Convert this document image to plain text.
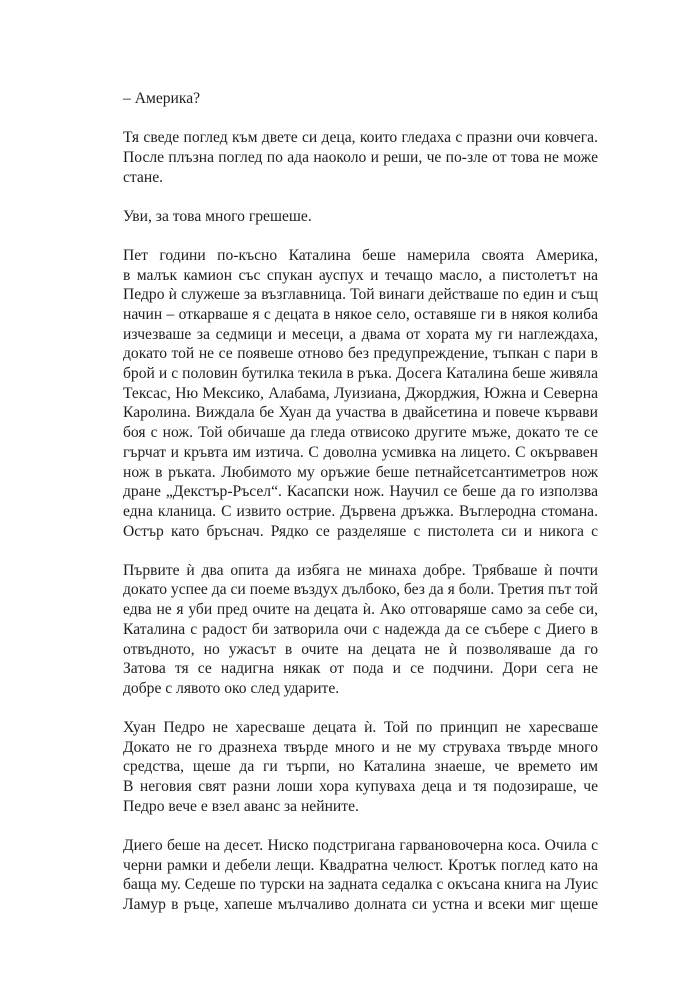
– Америка?
Тя сведе поглед към двете си деца, които гледаха с празни очи ковчега.
После плъзна поглед по ада наоколо и реши, че по-зле от това не може
стане.
Уви, за това много грешеше.
Пет години по-късно Каталина беше намерила своята Америка,
в малък камион със спукан ауспух и течащо масло, а пистолетът на
Педро ѝ служеше за възглавница. Той винаги действаше по един и същ
начин – откарваше я с децата в някое село, оставяше ги в някоя колиба
изчезваше за седмици и месеци, а двама от хората му ги наглеждаха,
докато той не се появеше отново без предупреждение, тъпкан с пари в
брой и с половин бутилка текила в ръка. Досега Каталина беше живяла
Тексас, Ню Мексико, Алабама, Луизиана, Джорджия, Южна и Северна
Каролина. Виждала бе Хуан да участва в двайсетина и повече кървави
боя с нож. Той обичаше да гледа отвисоко другите мъже, докато те се
гърчат и кръвта им изтича. С доволна усмивка на лицето. С окървавен
нож в ръката. Любимото му оръжие беше петнайсетсантиметров нож
дране „Декстър-Ръсел“. Касапски нож. Научил се беше да го използва
една кланица. С извито острие. Дървена дръжка. Въглеродна стомана.
Остър като бръснач. Рядко се разделяше с пистолета си и никога с
Първите ѝ два опита да избяга не минаха добре. Трябваше ѝ почти
докато успее да си поеме въздух дълбоко, без да я боли. Третия път той
едва не я уби пред очите на децата ѝ. Ако отговаряше само за себе си,
Каталина с радост би затворила очи с надежда да се събере с Диего в
отвъдното, но ужасът в очите на децата не ѝ позволяваше да го
Затова тя се надигна някак от пода и се подчини. Дори сега не
добре с лявото око след ударите.
Хуан Педро не харесваше децата ѝ. Той по принцип не харесваше
Докато не го дразнеха твърде много и не му струваха твърде много
средства, щеше да ги търпи, но Каталина знаеше, че времето им
В неговия свят разни лоши хора купуваха деца и тя подозираше, че
Педро вече е взел аванс за нейните.
Диего беше на десет. Ниско подстригана гарвановочерна коса. Очила с
черни рамки и дебели лещи. Квадратна челюст. Кротък поглед като на
баща му. Седеше по турски на задната седалка с окъсана книга на Луис
Ламур в ръце, хапеше мълчаливо долната си устна и всеки миг щеше
